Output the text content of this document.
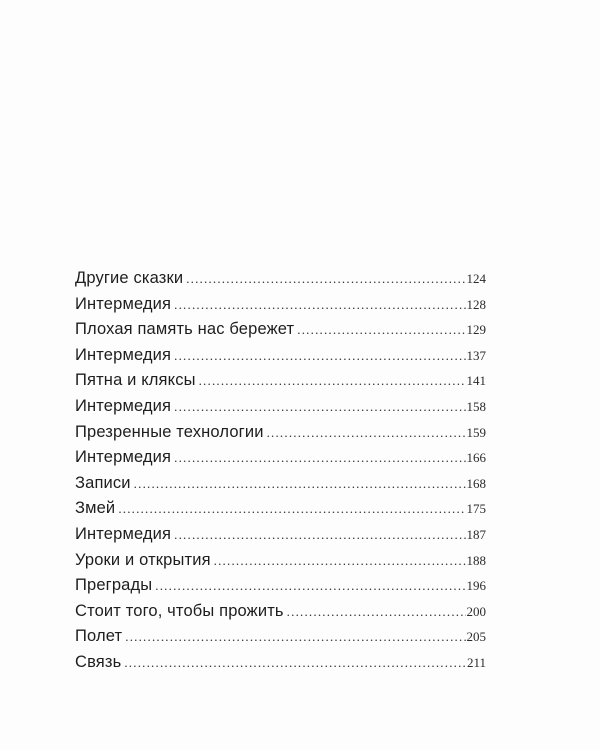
Другие сказки .....	124
Интермедия .....	128
Плохая память нас бережет .....	129
Интермедия .....	137
Пятна и кляксы .....	141
Интермедия .....	158
Презренные технологии .....	159
Интермедия .....	166
Записи .....	168
Змей .....	175
Интермедия .....	187
Уроки и открытия .....	188
Преграды .....	196
Стоит того, чтобы прожить .....	200
Полет .....	205
Связь .....	211
